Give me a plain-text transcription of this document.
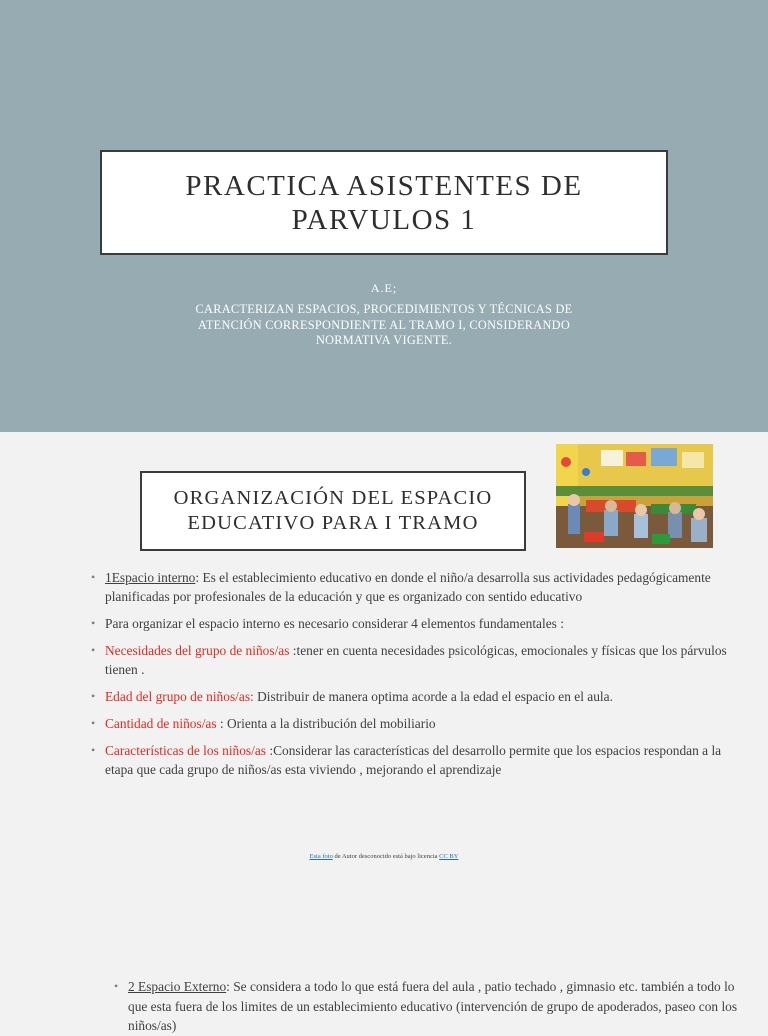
PRACTICA ASISTENTES DE PARVULOS 1
A.E;
CARACTERIZAN ESPACIOS, PROCEDIMIENTOS Y TÉCNICAS DE ATENCIÓN CORRESPONDIENTE AL TRAMO I, CONSIDERANDO NORMATIVA VIGENTE.
ORGANIZACIÓN DEL ESPACIO EDUCATIVO PARA I TRAMO
• 1Espacio interno: Es el establecimiento educativo en donde el niño/a desarrolla sus actividades pedagógicamente planificadas por profesionales de la educación y que es organizado con sentido educativo
• Para organizar el espacio interno es necesario considerar 4 elementos fundamentales :
• Necesidades del grupo de niños/as :tener en cuenta necesidades psicológicas, emocionales y físicas que los párvulos tienen .
• Edad del grupo de niños/as: Distribuir de manera optima acorde a la edad el espacio en el aula.
• Cantidad de niños/as : Orienta a la distribución del mobiliario
• Características de los niños/as :Considerar las características del desarrollo permite que los espacios respondan a la etapa que cada grupo de niños/as esta viviendo , mejorando el aprendizaje
Esta foto de Autor desconocido está bajo licencia CC BY
• 2 Espacio Externo: Se considera a todo lo que está fuera del aula , patio techado , gimnasio etc. también a todo lo que esta fuera de los limites de un establecimiento educativo (intervención de grupo de apoderados, paseo con los niños/as)
